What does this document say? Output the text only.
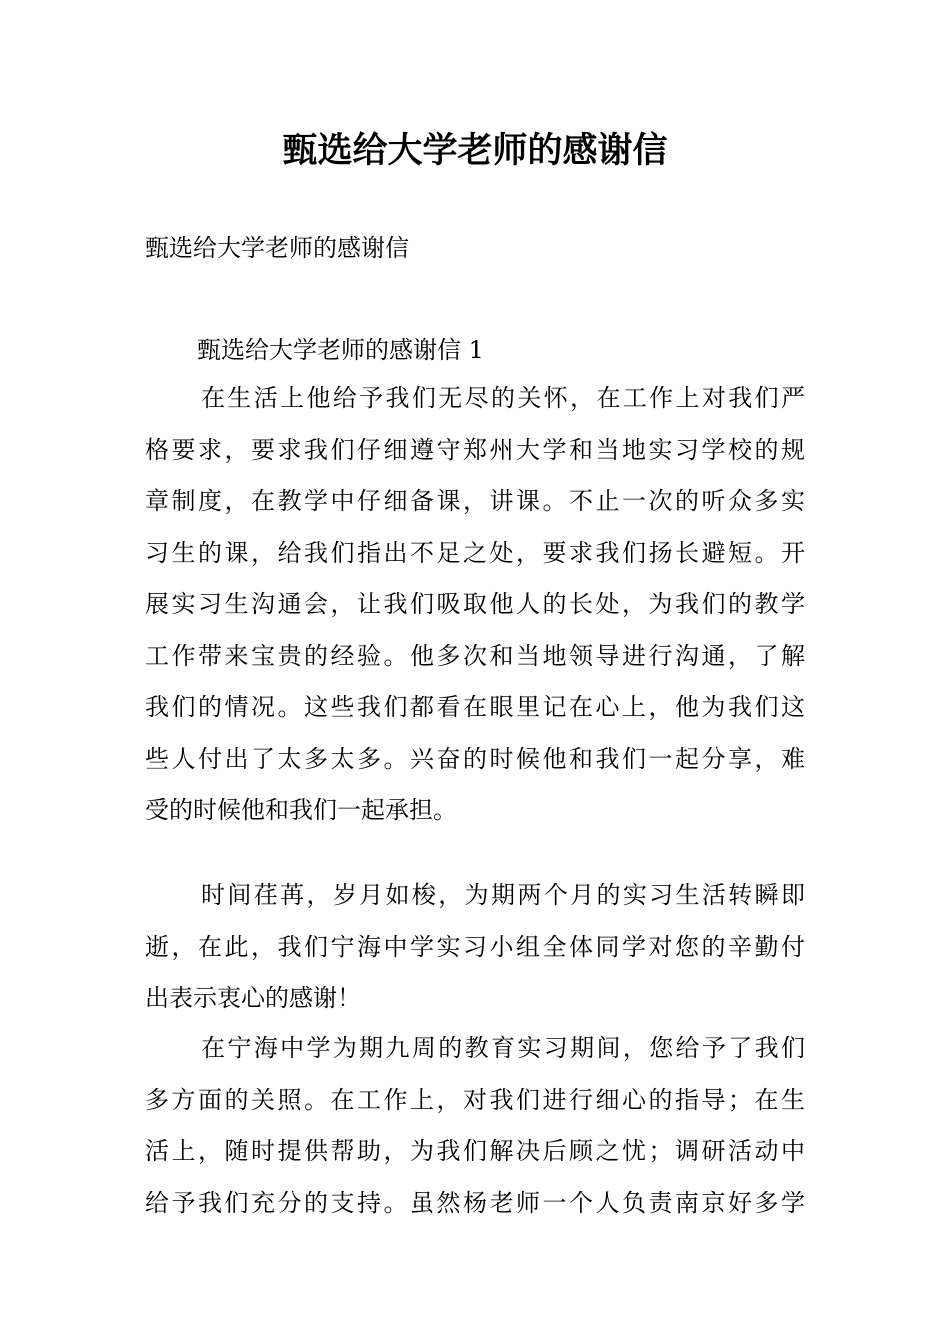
甄选给大学老师的感谢信

甄选给大学老师的感谢信

甄选给大学老师的感谢信 1

在生活上他给予我们无尽的关怀，在工作上对我们严
格要求，要求我们仔细遵守郑州大学和当地实习学校的规
章制度，在教学中仔细备课，讲课。不止一次的听众多实
习生的课，给我们指出不足之处，要求我们扬长避短。开
展实习生沟通会，让我们吸取他人的长处，为我们的教学
工作带来宝贵的经验。他多次和当地领导进行沟通，了解
我们的情况。这些我们都看在眼里记在心上，他为我们这
些人付出了太多太多。兴奋的时候他和我们一起分享，难
受的时候他和我们一起承担。
时间荏苒，岁月如梭，为期两个月的实习生活转瞬即
逝，在此，我们宁海中学实习小组全体同学对您的辛勤付
出表示衷心的感谢！
在宁海中学为期九周的教育实习期间，您给予了我们
多方面的关照。在工作上，对我们进行细心的指导；在生
活上，随时提供帮助，为我们解决后顾之忧；调研活动中
给予我们充分的支持。虽然杨老师一个人负责南京好多学
